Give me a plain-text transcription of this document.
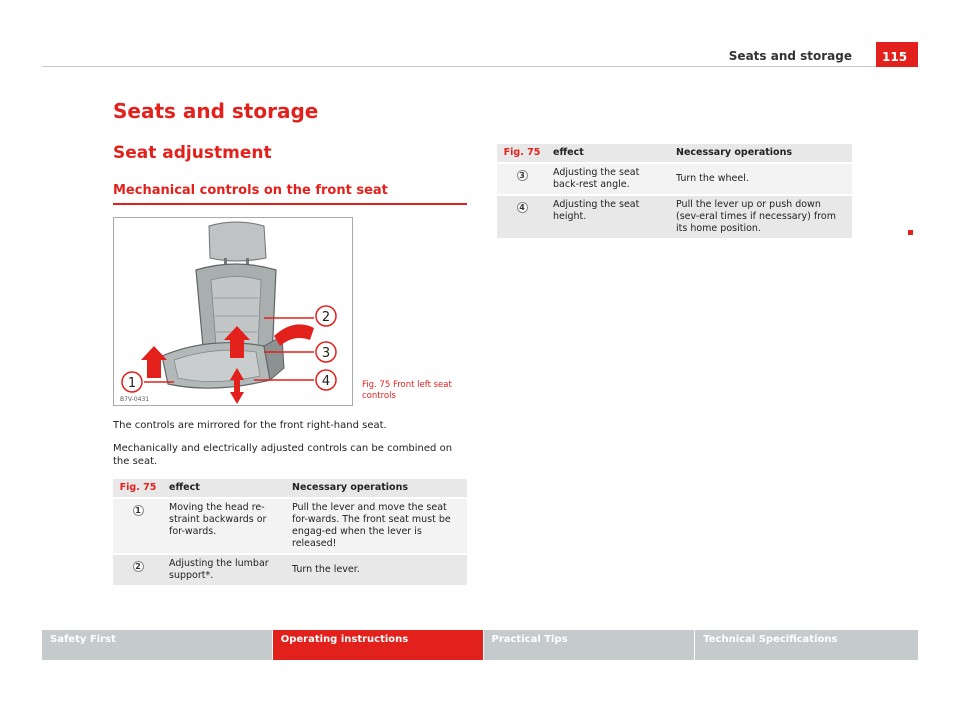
Seats and storage	115
Seats and storage
Seat adjustment
Mechanical controls on the front seat
1
2
3
4
B7V-0431
Fig. 75 Front left seat controls
The controls are mirrored for the front right-hand seat.
Mechanically and electrically adjusted controls can be combined on the seat.
Fig. 75	effect	Necessary operations
1	Moving the head re-straint backwards or for-wards.	Pull the lever and move the seat for-wards. The front seat must be engag-ed when the lever is released!
2	Adjusting the lumbar support*.	Turn the lever.
Fig. 75	effect	Necessary operations
3	Adjusting the seat back-rest angle.	Turn the wheel.
4	Adjusting the seat height.	Pull the lever up or push down (sev-eral times if necessary) from its home position.
Safety First	Operating instructions	Practical Tips	Technical Specifications
